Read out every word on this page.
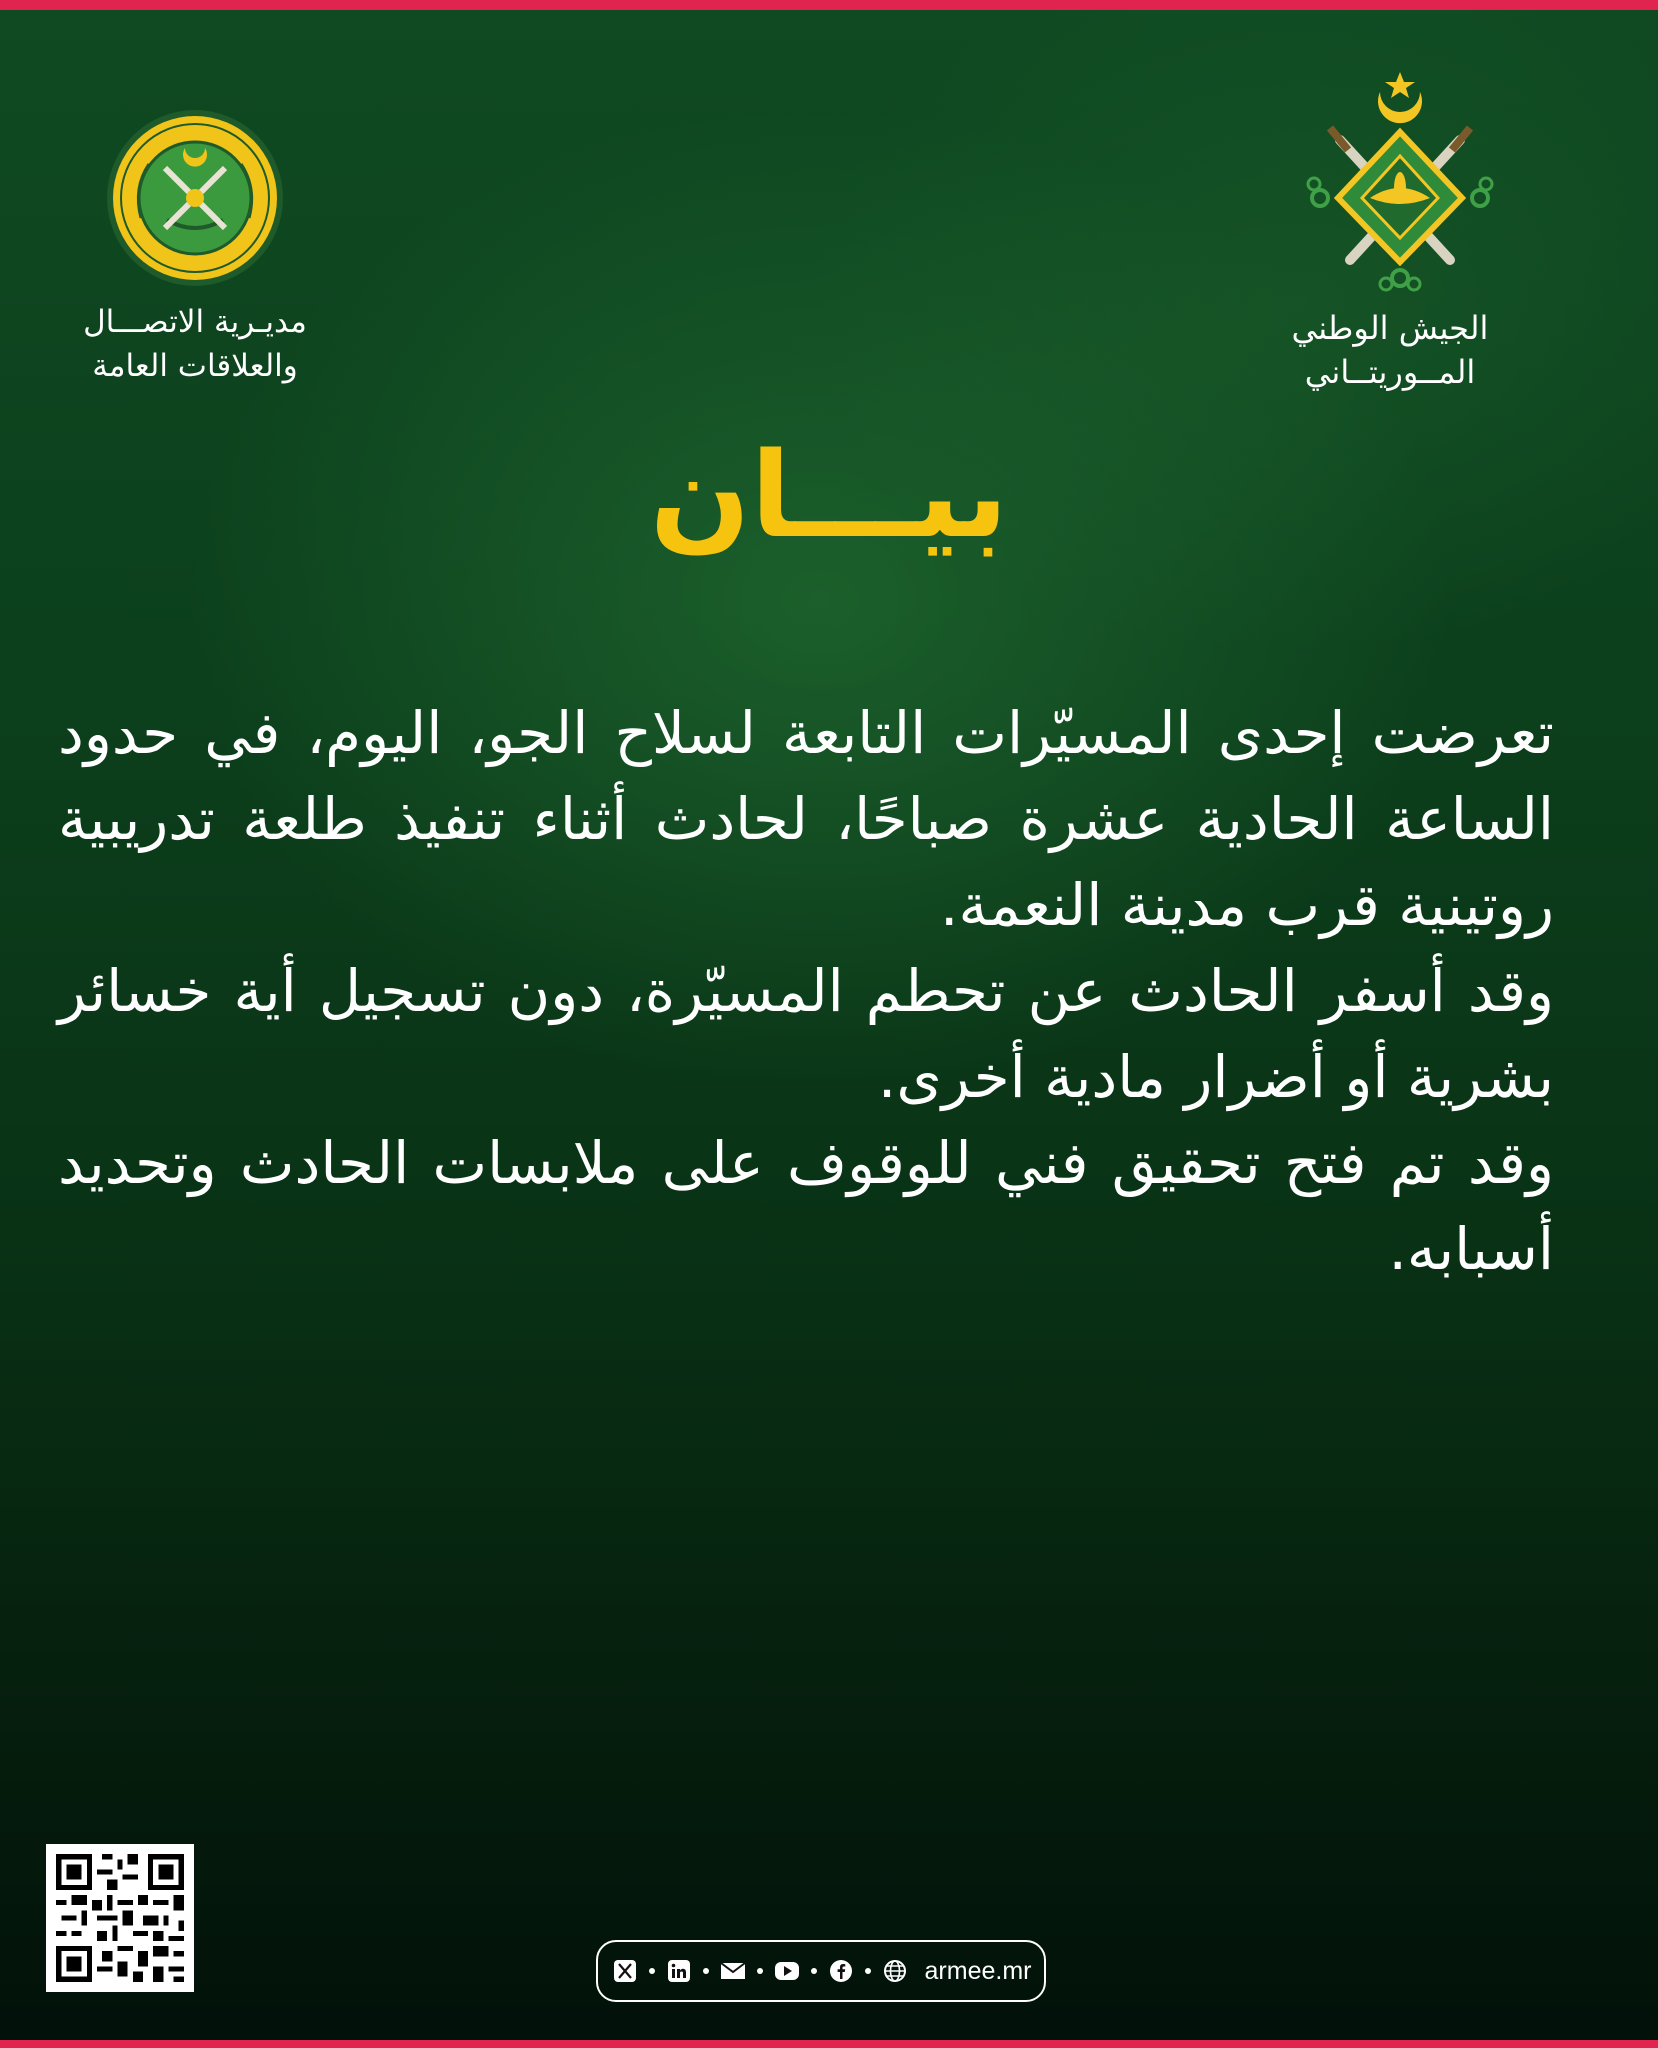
الجيش الوطني
المــوريتــاني
مديـرية الاتصـــال
والعلاقات العامة
بيـــان

تعرضت إحدى المسيّرات التابعة لسلاح الجو، اليوم، في حدود الساعة الحادية عشرة صباحًا، لحادث أثناء تنفيذ طلعة تدريبية روتينية قرب مدينة النعمة.

وقد أسفر الحادث عن تحطم المسيّرة، دون تسجيل أية خسائر بشرية أو أضرار مادية أخرى.

وقد تم فتح تحقيق فني للوقوف على ملابسات الحادث وتحديد أسبابه.

armee.mr
